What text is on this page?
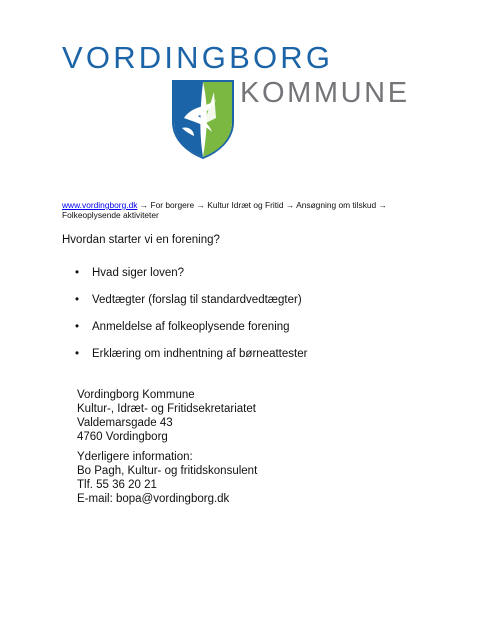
VORDINGBORG
KOMMUNE
www.vordingborg.dk → For borgere → Kultur Idræt og Fritid → Ansøgning om tilskud → Folkeoplysende aktiviteter
Hvordan starter vi en forening?
• Hvad siger loven?
• Vedtægter (forslag til standardvedtægter)
• Anmeldelse af folkeoplysende forening
• Erklæring om indhentning af børneattester
Vordingborg Kommune
Kultur-, Idræt- og Fritidsekretariatet
Valdemarsgade 43
4760 Vordingborg
Yderligere information:
Bo Pagh, Kultur- og fritidskonsulent
Tlf. 55 36 20 21
E-mail: bopa@vordingborg.dk
